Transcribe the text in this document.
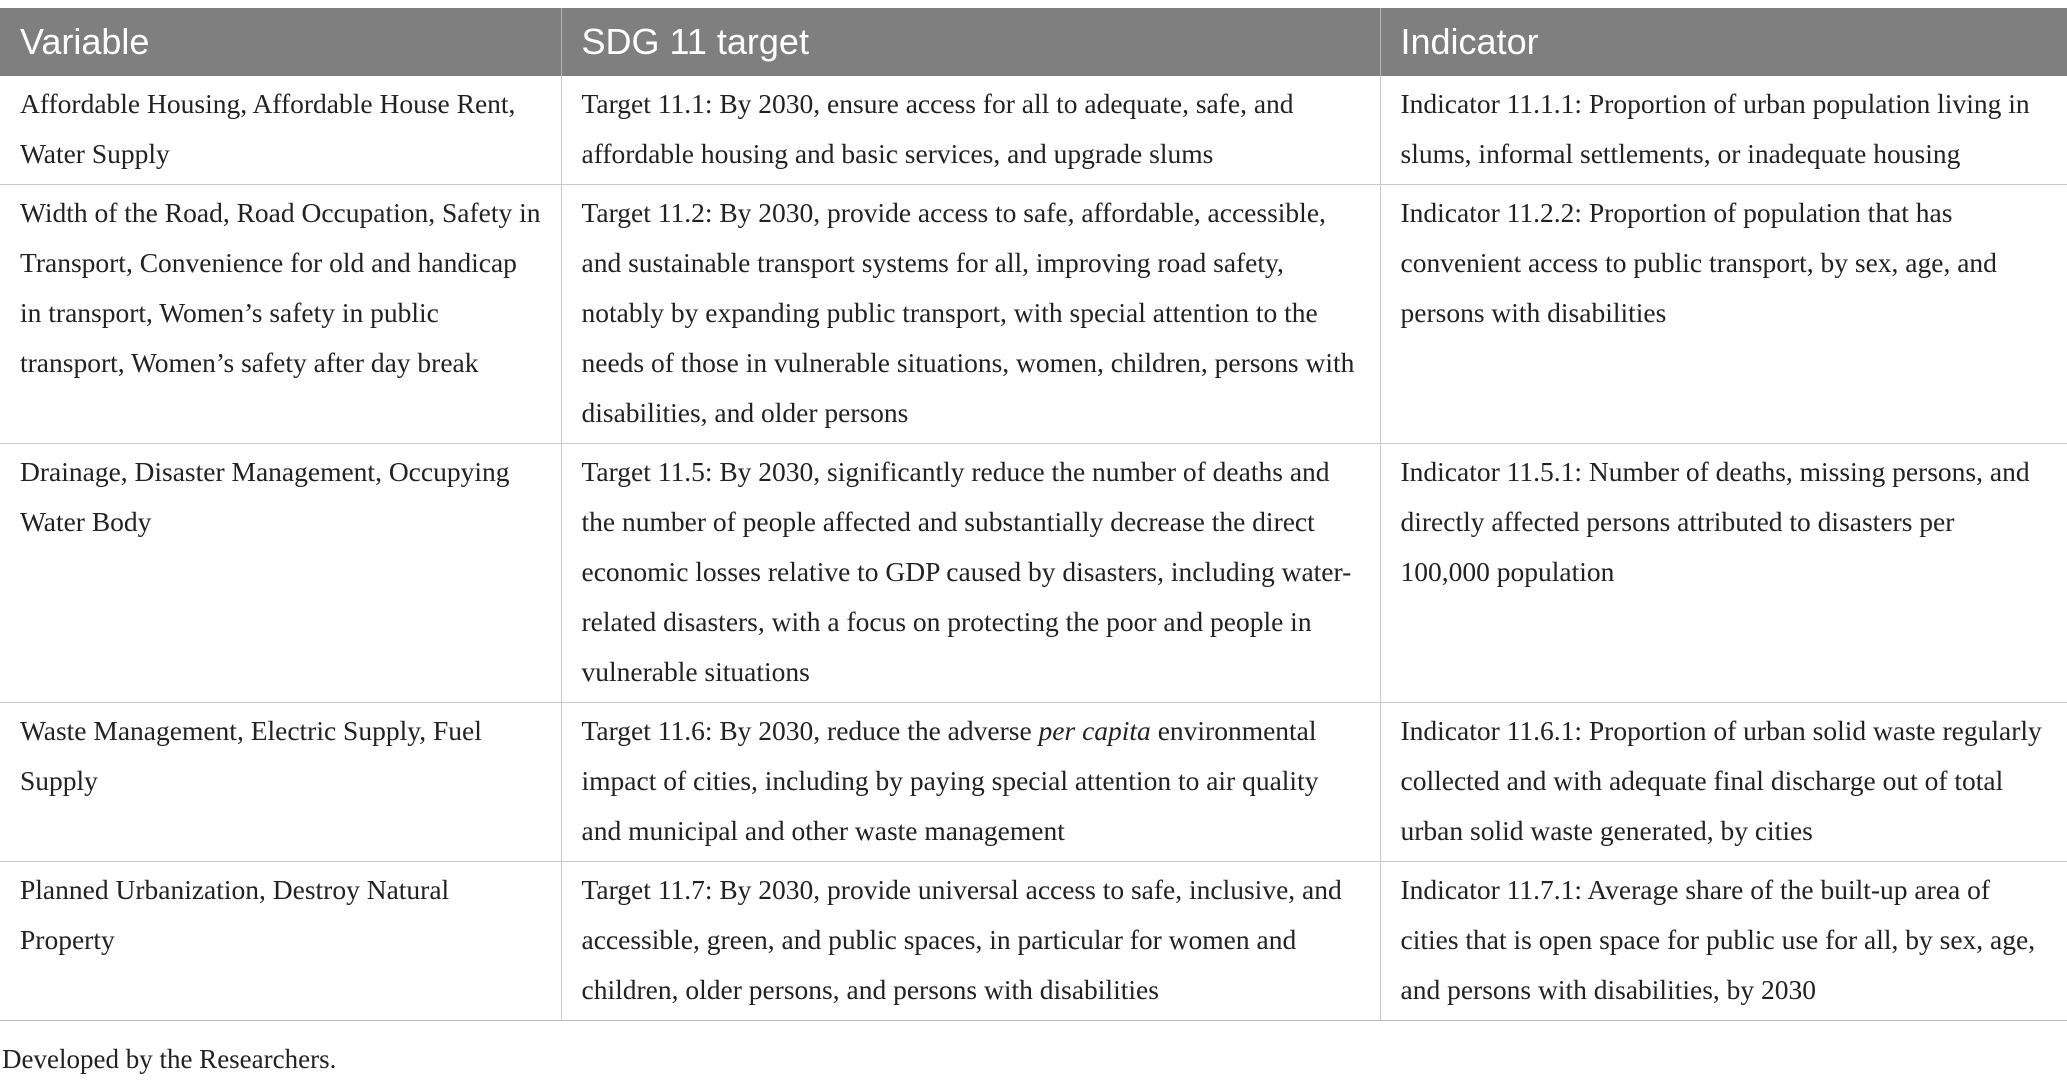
Variable	SDG 11 target	Indicator
Affordable Housing, Affordable House Rent, Water Supply	Target 11.1: By 2030, ensure access for all to adequate, safe, and affordable housing and basic services, and upgrade slums	Indicator 11.1.1: Proportion of urban population living in slums, informal settlements, or inadequate housing
Width of the Road, Road Occupation, Safety in Transport, Convenience for old and handicap in transport, Women’s safety in public transport, Women’s safety after day break	Target 11.2: By 2030, provide access to safe, affordable, accessible, and sustainable transport systems for all, improving road safety, notably by expanding public transport, with special attention to the needs of those in vulnerable situations, women, children, persons with disabilities, and older persons	Indicator 11.2.2: Proportion of population that has convenient access to public transport, by sex, age, and persons with disabilities
Drainage, Disaster Management, Occupying Water Body	Target 11.5: By 2030, significantly reduce the number of deaths and the number of people affected and substantially decrease the direct economic losses relative to GDP caused by disasters, including water-related disasters, with a focus on protecting the poor and people in vulnerable situations	Indicator 11.5.1: Number of deaths, missing persons, and directly affected persons attributed to disasters per 100,000 population
Waste Management, Electric Supply, Fuel Supply	Target 11.6: By 2030, reduce the adverse per capita environmental impact of cities, including by paying special attention to air quality and municipal and other waste management	Indicator 11.6.1: Proportion of urban solid waste regularly collected and with adequate final discharge out of total urban solid waste generated, by cities
Planned Urbanization, Destroy Natural Property	Target 11.7: By 2030, provide universal access to safe, inclusive, and accessible, green, and public spaces, in particular for women and children, older persons, and persons with disabilities	Indicator 11.7.1: Average share of the built-up area of cities that is open space for public use for all, by sex, age, and persons with disabilities, by 2030
Developed by the Researchers.
